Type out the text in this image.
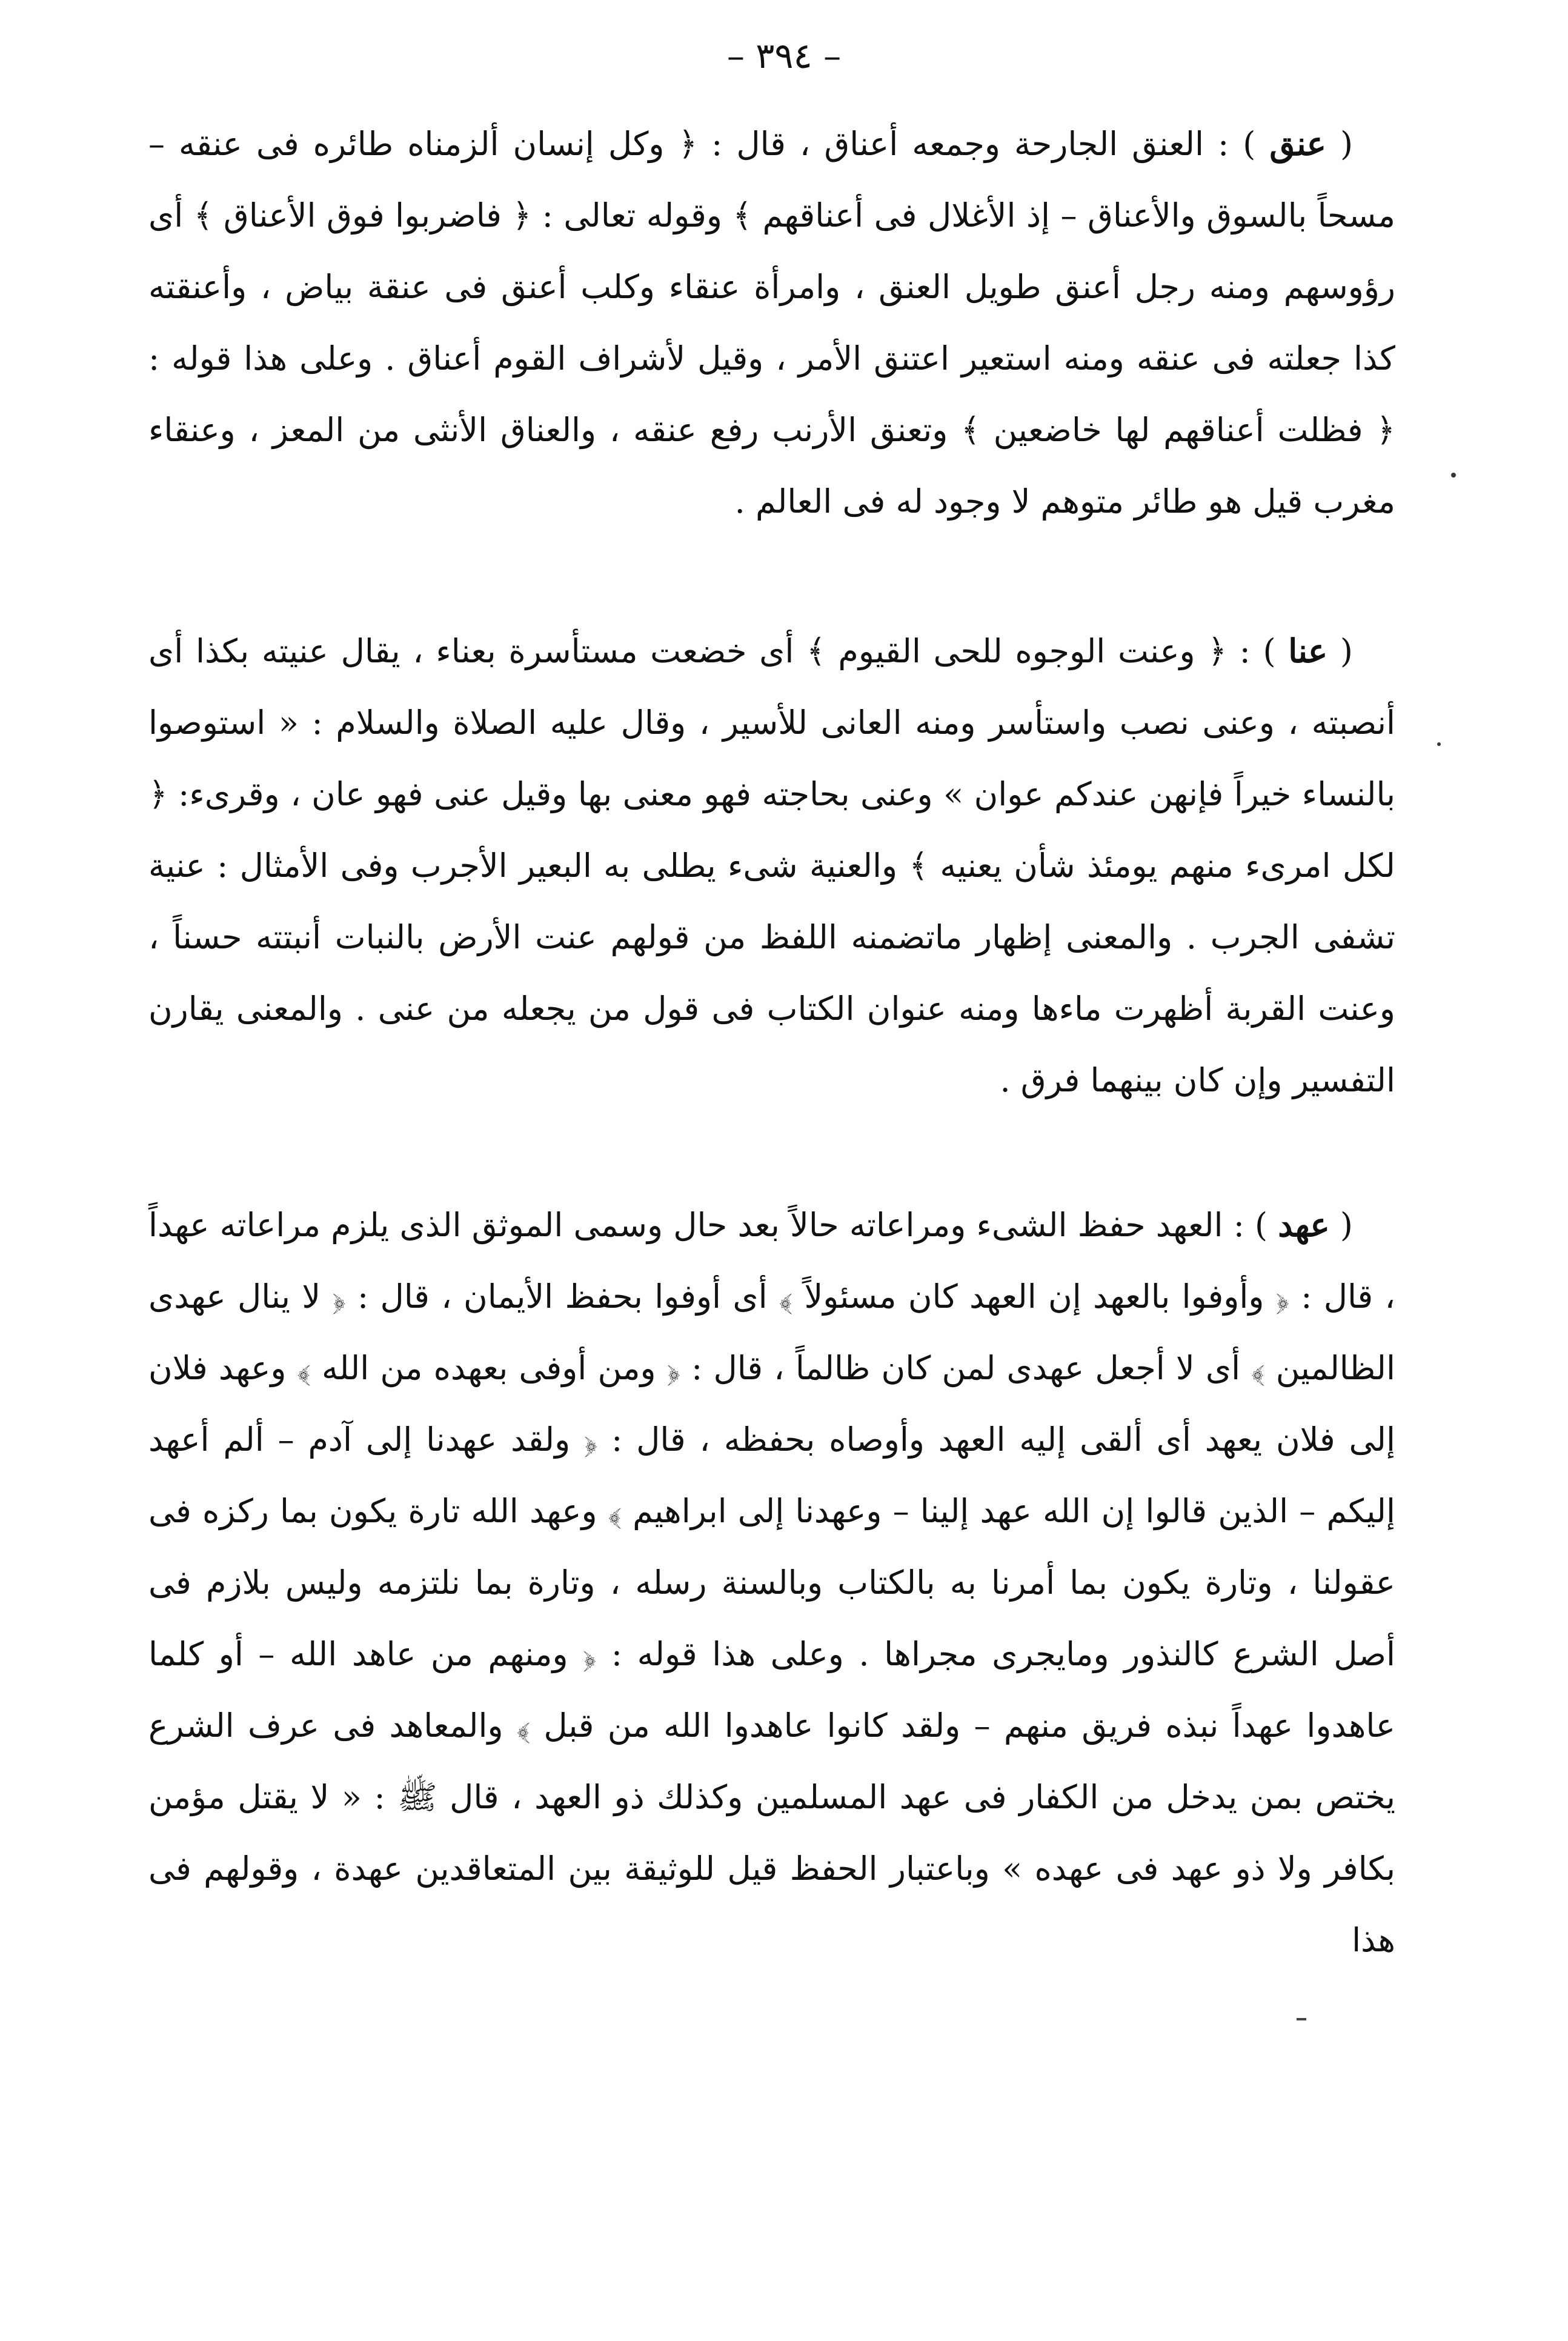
– ٣٩٤ –

( عنق ) : العنق الجارحة وجمعه أعناق ، قال : ﴿ وكل إنسان ألزمناه طائره فى عنقه – مسحاً بالسوق والأعناق – إذ الأغلال فى أعناقهم ﴾ وقوله تعالى : ﴿ فاضربوا فوق الأعناق ﴾ أى رؤوسهم ومنه رجل أعنق طويل العنق ، وامرأة عنقاء وكلب أعنق فى عنقة بياض ، وأعنقته كذا جعلته فى عنقه ومنه استعير اعتنق الأمر ، وقيل لأشراف القوم أعناق . وعلى هذا قوله : ﴿ فظلت أعناقهم لها خاضعين ﴾ وتعنق الأرنب رفع عنقه ، والعناق الأنثى من المعز ، وعنقاء مغرب قيل هو طائر متوهم لا وجود له فى العالم .

( عنا ) : ﴿ وعنت الوجوه للحى القيوم ﴾ أى خضعت مستأسرة بعناء ، يقال عنيته بكذا أى أنصبته ، وعنى نصب واستأسر ومنه العانى للأسير ، وقال عليه الصلاة والسلام : « استوصوا بالنساء خيراً فإنهن عندكم عوان » وعنى بحاجته فهو معنى بها وقيل عنى فهو عان ، وقرىء: ﴿ لكل امرىء منهم يومئذ شأن يعنيه ﴾ والعنية شىء يطلى به البعير الأجرب وفى الأمثال : عنية تشفى الجرب . والمعنى إظهار ماتضمنه اللفظ من قولهم عنت الأرض بالنبات أنبتته حسناً ، وعنت القربة أظهرت ماءها ومنه عنوان الكتاب فى قول من يجعله من عنى . والمعنى يقارن التفسير وإن كان بينهما فرق .

( عهد ) : العهد حفظ الشىء ومراعاته حالاً بعد حال وسمى الموثق الذى يلزم مراعاته عهداً ، قال : ﴿ وأوفوا بالعهد إن العهد كان مسئولاً ﴾ أى أوفوا بحفظ الأيمان ، قال : ﴿ لا ينال عهدى الظالمين ﴾ أى لا أجعل عهدى لمن كان ظالماً ، قال : ﴿ ومن أوفى بعهده من الله ﴾ وعهد فلان إلى فلان يعهد أى ألقى إليه العهد وأوصاه بحفظه ، قال : ﴿ ولقد عهدنا إلى آدم – ألم أعهد إليكم – الذين قالوا إن الله عهد إلينا – وعهدنا إلى ابراهيم ﴾ وعهد الله تارة يكون بما ركزه فى عقولنا ، وتارة يكون بما أمرنا به بالكتاب وبالسنة رسله ، وتارة بما نلتزمه وليس بلازم فى أصل الشرع كالنذور ومايجرى مجراها . وعلى هذا قوله : ﴿ ومنهم من عاهد الله – أو كلما عاهدوا عهداً نبذه فريق منهم – ولقد كانوا عاهدوا الله من قبل ﴾ والمعاهد فى عرف الشرع يختص بمن يدخل من الكفار فى عهد المسلمين وكذلك ذو العهد ، قال ﷺ : « لا يقتل مؤمن بكافر ولا ذو عهد فى عهده » وباعتبار الحفظ قيل للوثيقة بين المتعاقدين عهدة ، وقولهم فى هذا
